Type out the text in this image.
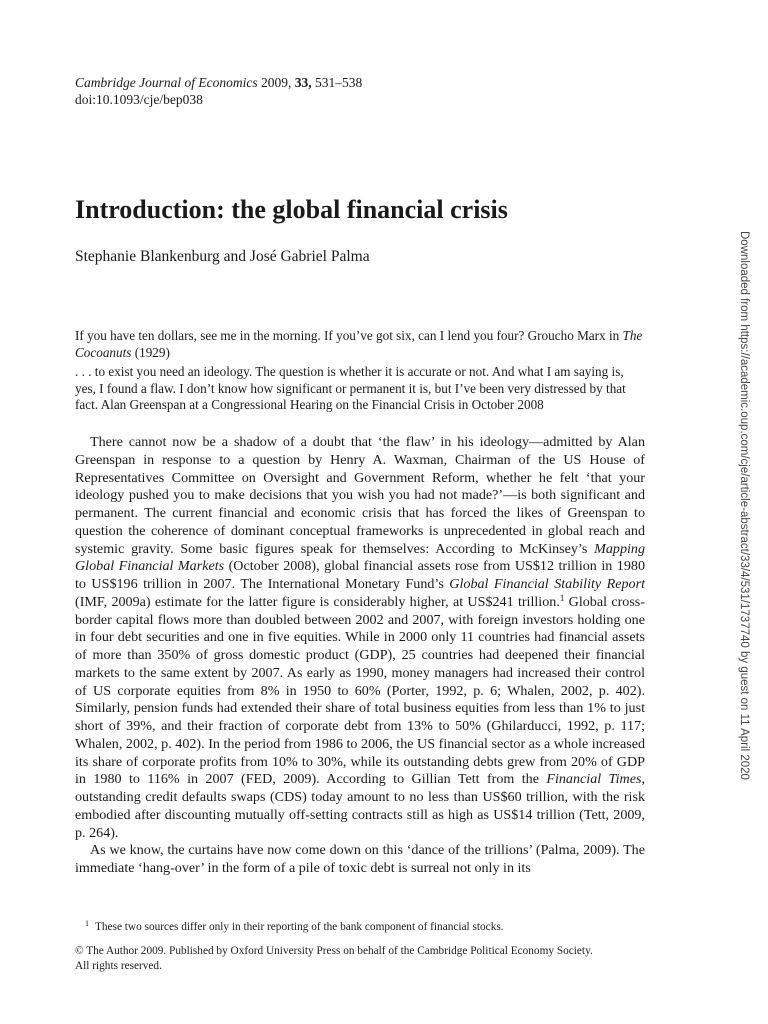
Cambridge Journal of Economics 2009, 33, 531–538
doi:10.1093/cje/bep038
Introduction: the global financial crisis
Stephanie Blankenburg and José Gabriel Palma

If you have ten dollars, see me in the morning. If you’ve got six, can I lend you four? Groucho Marx in The Cocoanuts (1929)

. . . to exist you need an ideology. The question is whether it is accurate or not. And what I am saying is, yes, I found a flaw. I don’t know how significant or permanent it is, but I’ve been very distressed by that fact. Alan Greenspan at a Congressional Hearing on the Financial Crisis in October 2008

There cannot now be a shadow of a doubt that ‘the flaw’ in his ideology—admitted by Alan Greenspan in response to a question by Henry A. Waxman, Chairman of the US House of Representatives Committee on Oversight and Government Reform, whether he felt ‘that your ideology pushed you to make decisions that you wish you had not made?’—is both significant and permanent. The current financial and economic crisis that has forced the likes of Greenspan to question the coherence of dominant conceptual frameworks is unprecedented in global reach and systemic gravity. Some basic figures speak for themselves: According to McKinsey’s Mapping Global Financial Markets (October 2008), global financial assets rose from US$12 trillion in 1980 to US$196 trillion in 2007. The International Monetary Fund’s Global Financial Stability Report (IMF, 2009a) estimate for the latter figure is considerably higher, at US$241 trillion.$^1$ Global cross-border capital flows more than doubled between 2002 and 2007, with foreign investors holding one in four debt securities and one in five equities. While in 2000 only 11 countries had financial assets of more than 350% of gross domestic product (GDP), 25 countries had deepened their financial markets to the same extent by 2007. As early as 1990, money managers had increased their control of US corporate equities from 8% in 1950 to 60% (Porter, 1992, p. 6; Whalen, 2002, p. 402). Similarly, pension funds had extended their share of total business equities from less than 1% to just short of 39%, and their fraction of corporate debt from 13% to 50% (Ghilarducci, 1992, p. 117; Whalen, 2002, p. 402). In the period from 1986 to 2006, the US financial sector as a whole increased its share of corporate profits from 10% to 30%, while its outstanding debts grew from 20% of GDP in 1980 to 116% in 2007 (FED, 2009). According to Gillian Tett from the Financial Times, outstanding credit defaults swaps (CDS) today amount to no less than US$60 trillion, with the risk embodied after discounting mutually off-setting contracts still as high as US$14 trillion (Tett, 2009, p. 264).

As we know, the curtains have now come down on this ‘dance of the trillions’ (Palma, 2009). The immediate ‘hang-over’ in the form of a pile of toxic debt is surreal not only in its

$^1$ These two sources differ only in their reporting of the bank component of financial stocks.
© The Author 2009. Published by Oxford University Press on behalf of the Cambridge Political Economy Society.
All rights reserved.
Downloaded from https://academic.oup.com/cje/article-abstract/33/4/531/1737740 by guest on 11 April 2020
